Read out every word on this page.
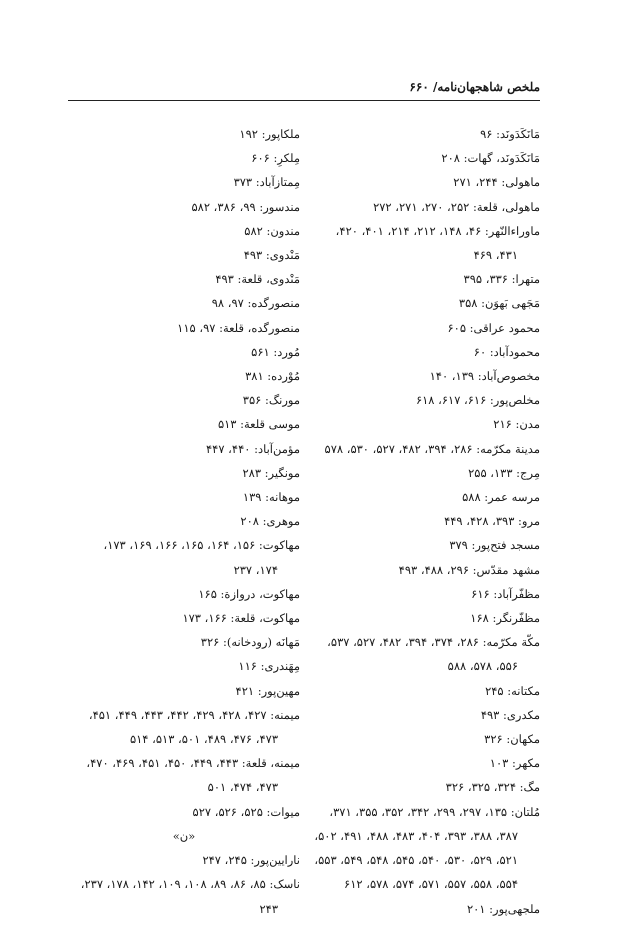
ملخص شاهجهان‌نامه/ ۶۶۰
مَانَکَدَونَد: ۹۶
مَانَکَدَونَد، گهات: ۲۰۸
ماهولی: ۲۴۴، ۲۷۱
ماهولی، قلعة: ۲۵۲، ۲۷۰، ۲۷۱، ۲۷۲
ماوراءالنّهر: ۴۶، ۱۴۸، ۲۱۲، ۲۱۴، ۴۰۱، ۴۲۰،
۴۳۱، ۴۶۹
متهرا: ۳۳۶، ۳۹۵
مَجَهی بَهوَن: ۳۵۸
محمود عراقی: ۶۰۵
محمودآباد: ۶۰
مخصوص‌آباد: ۱۳۹، ۱۴۰
مخلص‌پور: ۶۱۶، ۶۱۷، ۶۱۸
مدن: ۲۱۶
مدینة مکرّمه: ۲۸۶، ۳۹۴، ۴۸۲، ۵۲۷، ۵۳۰، ۵۷۸
مِرج: ۱۳۳، ۲۵۵
مرسه عمر: ۵۸۸
مرو: ۳۹۳، ۴۲۸، ۴۴۹
مسجد فتح‌پور: ۳۷۹
مشهد مقدّس: ۲۹۶، ۴۸۸، ۴۹۳
مظفّرآباد: ۶۱۶
مظفّرنگر: ۱۶۸
مکّة مکرّمه: ۲۸۶، ۳۷۴، ۳۹۴، ۴۸۲، ۵۲۷، ۵۳۷،
۵۵۶، ۵۷۸، ۵۸۸
مکتانه: ۲۴۵
مکدری: ۴۹۳
مکهان: ۳۲۶
مکهر: ۱۰۳
مگ: ۳۲۴، ۳۲۵، ۳۲۶
مُلتان: ۱۳۵، ۲۹۷، ۲۹۹، ۳۴۲، ۳۵۲، ۳۵۵، ۳۷۱،
۳۸۷، ۳۸۸، ۳۹۳، ۴۰۴، ۴۸۳، ۴۸۸، ۴۹۱، ۵۰۲،
۵۲۱، ۵۲۹، ۵۳۰، ۵۴۰، ۵۴۵، ۵۴۸، ۵۴۹، ۵۵۳،
۵۵۴، ۵۵۸، ۵۵۷، ۵۷۱، ۵۷۴، ۵۷۸، ۶۱۲
ملجهی‌پور: ۲۰۱
ملکاپور: ۱۹۲
مِلکرِ: ۶۰۶
مِمتازآباد: ۳۷۳
مندسور: ۹۹، ۳۸۶، ۵۸۲
مندون: ۵۸۲
مَنْدوی: ۴۹۳
مَنْدوی، قلعة: ۴۹۳
منصورگده: ۹۷، ۹۸
منصورگده، قلعة: ۹۷، ۱۱۵
مُورد: ۵۶۱
مُوْرده: ۳۸۱
مورنگ: ۳۵۶
موسی قلعة: ۵۱۳
مؤمن‌آباد: ۴۴۰، ۴۴۷
مونگیر: ۲۸۳
موهانه: ۱۳۹
موهری: ۲۰۸
مهاکوت: ۱۵۶، ۱۶۴، ۱۶۵، ۱۶۶، ۱۶۹، ۱۷۳،
۱۷۴، ۲۳۷
مهاکوت، دروازة: ۱۶۵
مهاکوت، قلعة: ۱۶۶، ۱۷۳
مَهانَه (رودخانه): ۳۲۶
مِهَندری: ۱۱۶
مهین‌پور: ۴۲۱
میمنه: ۴۲۷، ۴۲۸، ۴۲۹، ۴۴۲، ۴۴۳، ۴۴۹، ۴۵۱،
۴۷۳، ۴۷۶، ۴۸۹، ۵۰۱، ۵۱۳، ۵۱۴
میمنه، قلعة: ۴۴۳، ۴۴۹، ۴۵۰، ۴۵۱، ۴۶۹، ۴۷۰،
۴۷۳، ۴۷۴، ۵۰۱
میوات: ۵۲۵، ۵۲۶، ۵۲۷
«ن»
نارایین‌پور: ۲۴۵، ۲۴۷
ناسک: ۸۵، ۸۶، ۸۹، ۱۰۸، ۱۰۹، ۱۴۲، ۱۷۸، ۲۳۷،
۲۴۳
